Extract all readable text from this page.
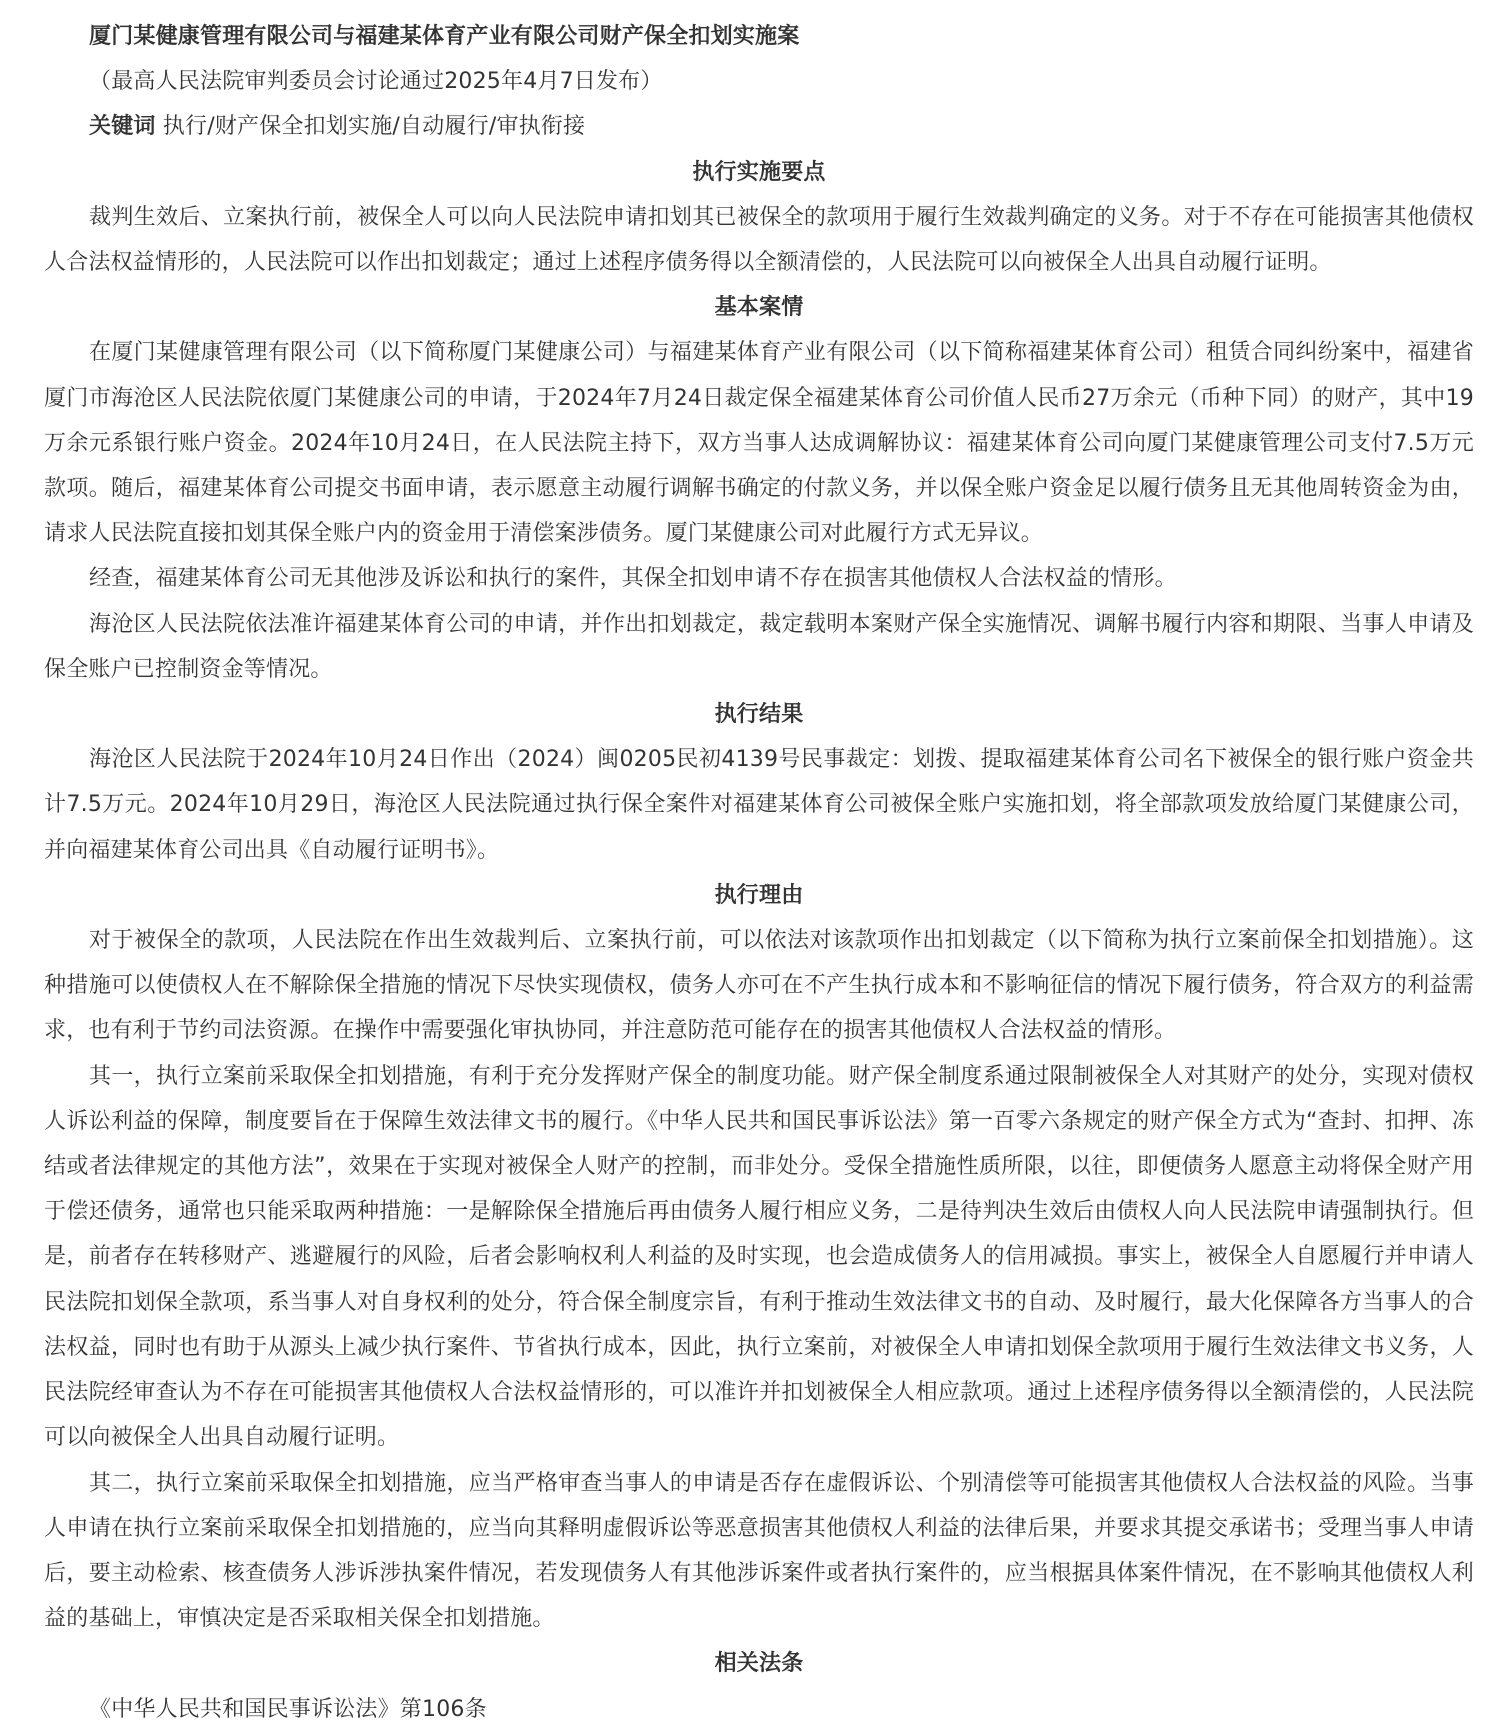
厦门某健康管理有限公司与福建某体育产业有限公司财产保全扣划实施案

（最高人民法院审判委员会讨论通过2025年4月7日发布）

关键词 执行/财产保全扣划实施/自动履行/审执衔接

执行实施要点

裁判生效后、立案执行前，被保全人可以向人民法院申请扣划其已被保全的款项用于履行生效裁判确定的义务。对于不存在可能损害其他债权人合法权益情形的，人民法院可以作出扣划裁定；通过上述程序债务得以全额清偿的，人民法院可以向被保全人出具自动履行证明。

基本案情

在厦门某健康管理有限公司（以下简称厦门某健康公司）与福建某体育产业有限公司（以下简称福建某体育公司）租赁合同纠纷案中，福建省厦门市海沧区人民法院依厦门某健康公司的申请，于2024年7月24日裁定保全福建某体育公司价值人民币27万余元（币种下同）的财产，其中19万余元系银行账户资金。2024年10月24日，在人民法院主持下，双方当事人达成调解协议：福建某体育公司向厦门某健康管理公司支付7.5万元款项。随后，福建某体育公司提交书面申请，表示愿意主动履行调解书确定的付款义务，并以保全账户资金足以履行债务且无其他周转资金为由，请求人民法院直接扣划其保全账户内的资金用于清偿案涉债务。厦门某健康公司对此履行方式无异议。

经查，福建某体育公司无其他涉及诉讼和执行的案件，其保全扣划申请不存在损害其他债权人合法权益的情形。

海沧区人民法院依法准许福建某体育公司的申请，并作出扣划裁定，裁定载明本案财产保全实施情况、调解书履行内容和期限、当事人申请及保全账户已控制资金等情况。

执行结果

海沧区人民法院于2024年10月24日作出（2024）闽0205民初4139号民事裁定：划拨、提取福建某体育公司名下被保全的银行账户资金共计7.5万元。2024年10月29日，海沧区人民法院通过执行保全案件对福建某体育公司被保全账户实施扣划，将全部款项发放给厦门某健康公司，并向福建某体育公司出具《自动履行证明书》。

执行理由

对于被保全的款项，人民法院在作出生效裁判后、立案执行前，可以依法对该款项作出扣划裁定（以下简称为执行立案前保全扣划措施）。这种措施可以使债权人在不解除保全措施的情况下尽快实现债权，债务人亦可在不产生执行成本和不影响征信的情况下履行债务，符合双方的利益需求，也有利于节约司法资源。在操作中需要强化审执协同，并注意防范可能存在的损害其他债权人合法权益的情形。

其一，执行立案前采取保全扣划措施，有利于充分发挥财产保全的制度功能。财产保全制度系通过限制被保全人对其财产的处分，实现对债权人诉讼利益的保障，制度要旨在于保障生效法律文书的履行。《中华人民共和国民事诉讼法》第一百零六条规定的财产保全方式为“查封、扣押、冻结或者法律规定的其他方法”，效果在于实现对被保全人财产的控制，而非处分。受保全措施性质所限，以往，即便债务人愿意主动将保全财产用于偿还债务，通常也只能采取两种措施：一是解除保全措施后再由债务人履行相应义务，二是待判决生效后由债权人向人民法院申请强制执行。但是，前者存在转移财产、逃避履行的风险，后者会影响权利人利益的及时实现，也会造成债务人的信用减损。事实上，被保全人自愿履行并申请人民法院扣划保全款项，系当事人对自身权利的处分，符合保全制度宗旨，有利于推动生效法律文书的自动、及时履行，最大化保障各方当事人的合法权益，同时也有助于从源头上减少执行案件、节省执行成本，因此，执行立案前，对被保全人申请扣划保全款项用于履行生效法律文书义务，人民法院经审查认为不存在可能损害其他债权人合法权益情形的，可以准许并扣划被保全人相应款项。通过上述程序债务得以全额清偿的，人民法院可以向被保全人出具自动履行证明。

其二，执行立案前采取保全扣划措施，应当严格审查当事人的申请是否存在虚假诉讼、个别清偿等可能损害其他债权人合法权益的风险。当事人申请在执行立案前采取保全扣划措施的，应当向其释明虚假诉讼等恶意损害其他债权人利益的法律后果，并要求其提交承诺书；受理当事人申请后，要主动检索、核查债务人涉诉涉执案件情况，若发现债务人有其他涉诉案件或者执行案件的，应当根据具体案件情况，在不影响其他债权人利益的基础上，审慎决定是否采取相关保全扣划措施。

相关法条

《中华人民共和国民事诉讼法》第106条
